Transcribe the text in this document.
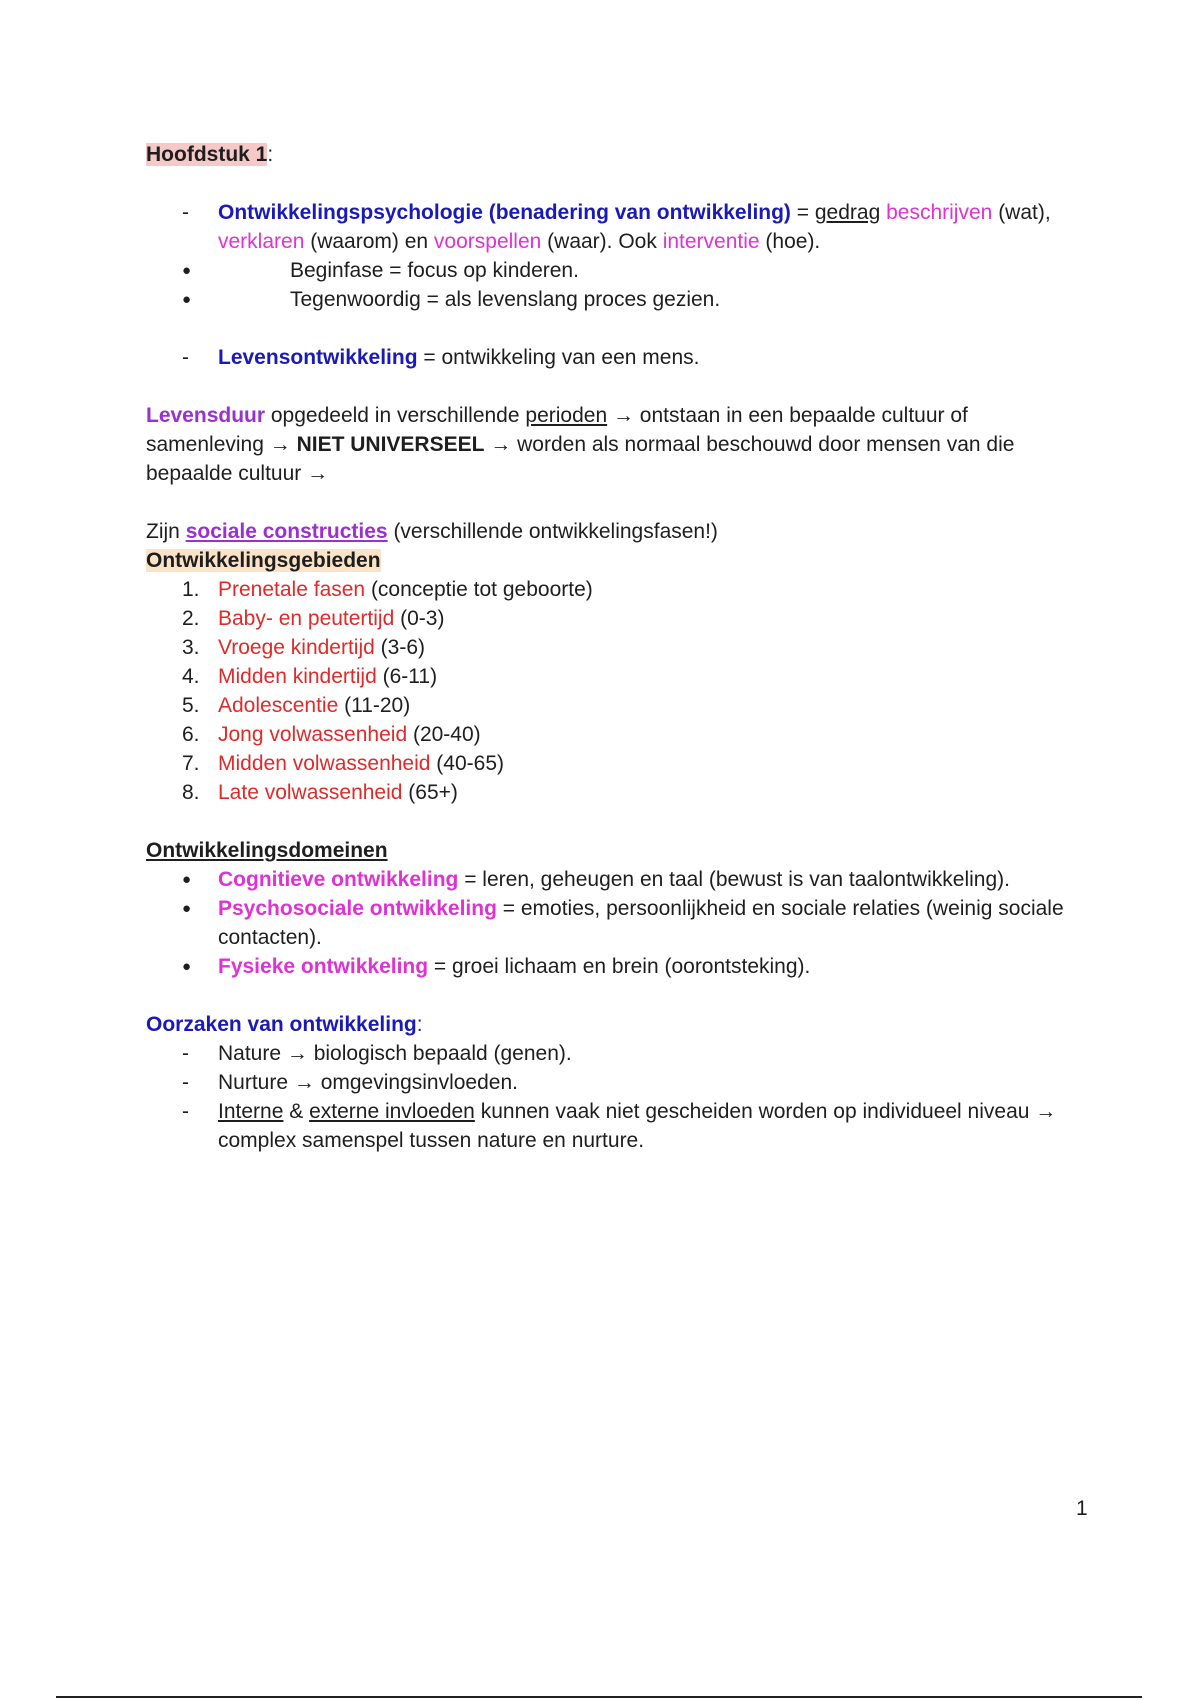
Hoofdstuk 1:

- Ontwikkelingspsychologie (benadering van ontwikkeling) = gedrag beschrijven (wat), verklaren (waarom) en voorspellen (waar). Ook interventie (hoe).
● Beginfase = focus op kinderen.
● Tegenwoordig = als levenslang proces gezien.
- Levensontwikkeling = ontwikkeling van een mens.

Levensduur opgedeeld in verschillende perioden → ontstaan in een bepaalde cultuur of samenleving → NIET UNIVERSEEL → worden als normaal beschouwd door mensen van die bepaalde cultuur →

Zijn sociale constructies (verschillende ontwikkelingsfasen!)

Ontwikkelingsgebieden

1. Prenetale fasen (conceptie tot geboorte)
2. Baby- en peutertijd (0-3)
3. Vroege kindertijd (3-6)
4. Midden kindertijd (6-11)
5. Adolescentie (11-20)
6. Jong volwassenheid (20-40)
7. Midden volwassenheid (40-65)
8. Late volwassenheid (65+)

Ontwikkelingsdomeinen

● Cognitieve ontwikkeling = leren, geheugen en taal (bewust is van taalontwikkeling).
● Psychosociale ontwikkeling = emoties, persoonlijkheid en sociale relaties (weinig sociale contacten).
● Fysieke ontwikkeling = groei lichaam en brein (oorontsteking).

Oorzaken van ontwikkeling:

- Nature → biologisch bepaald (genen).
- Nurture → omgevingsinvloeden.
- Interne & externe invloeden kunnen vaak niet gescheiden worden op individueel niveau → complex samenspel tussen nature en nurture.
1
